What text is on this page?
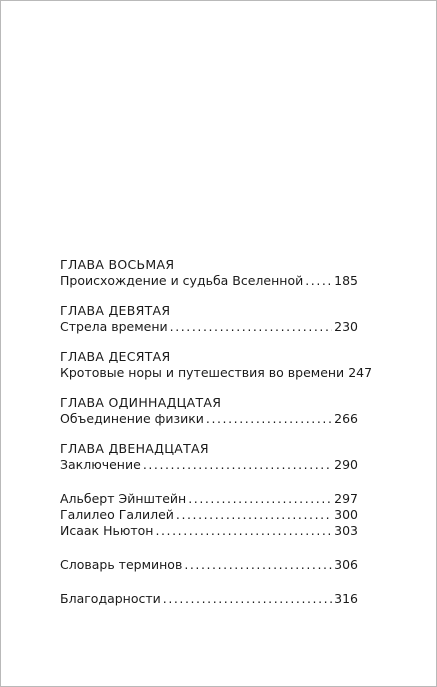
ГЛАВА ВОСЬМАЯ
Происхождение и судьба Вселенной . . . 185
ГЛАВА ДЕВЯТАЯ
Стрела времени . . .	230
ГЛАВА ДЕСЯТАЯ
Кротовые норы и путешествия во времени 247
ГЛАВА ОДИННАДЦАТАЯ
Объединение физики . . .	266
ГЛАВА ДВЕНАДЦАТАЯ
Заключение . . .	290
Альберт Эйнштейн . . .	297
Галилео Галилей . . .	300
Исаак Ньютон . . .	303
Словарь терминов . . .	306
Благодарности . . .	316
